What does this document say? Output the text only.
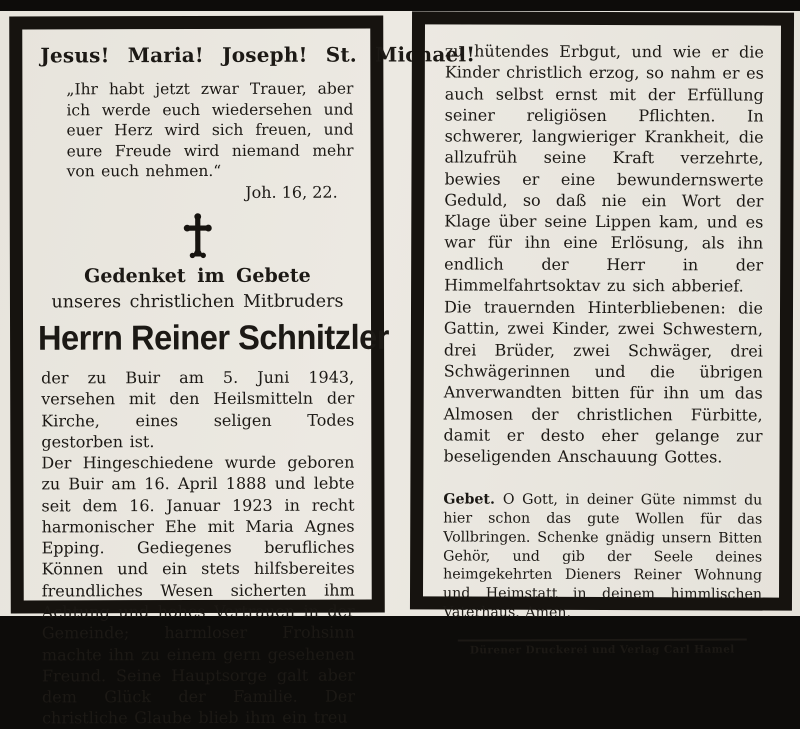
Jesus! Maria! Joseph! St. Michael!
„Ihr habt jetzt zwar Trauer, aber ich werde euch wiedersehen und euer Herz wird sich freuen, und eure Freude wird niemand mehr von euch nehmen.“
Joh. 16, 22.
Gedenket im Gebete
unseres christlichen Mitbruders
Herrn Reiner Schnitzler

der zu Buir am 5. Juni 1943, versehen mit den Heilsmitteln der Kirche, eines seligen Todes gestorben ist.

Der Hingeschiedene wurde geboren zu Buir am 16. April 1888 und lebte seit dem 16. Januar 1923 in recht harmonischer Ehe mit Maria Agnes Epping. Gediegenes berufliches Können und ein stets hilfsbereites freundliches Wesen sicherten ihm Achtung und hohes Vertrauen in der Gemeinde; harmloser Frohsinn machte ihn zu einem gern gesehenen Freund. Seine Hauptsorge galt aber dem Glück der Familie. Der christliche Glaube blieb ihm ein treu

zu hütendes Erbgut, und wie er die Kinder christlich erzog, so nahm er es auch selbst ernst mit der Erfüllung seiner religiösen Pflichten. In schwerer, langwieriger Krankheit, die allzufrüh seine Kraft verzehrte, bewies er eine bewundernswerte Geduld, so daß nie ein Wort der Klage über seine Lippen kam, und es war für ihn eine Erlösung, als ihn endlich der Herr in der Himmelfahrtsoktav zu sich abberief.

Die trauernden Hinterbliebenen: die Gattin, zwei Kinder, zwei Schwestern, drei Brüder, zwei Schwäger, drei Schwägerinnen und die übrigen Anverwandten bitten für ihn um das Almosen der christlichen Fürbitte, damit er desto eher gelange zur beseligenden Anschauung Gottes.

Gebet. O Gott, in deiner Güte nimmst du hier schon das gute Wollen für das Vollbringen. Schenke gnädig unsern Bitten Gehör, und gib der Seele deines heimgekehrten Dieners Reiner Wohnung und Heimstatt in deinem himmlischen Vaterhaus. Amen.

Dürener Druckerei und Verlag Carl Hamel
